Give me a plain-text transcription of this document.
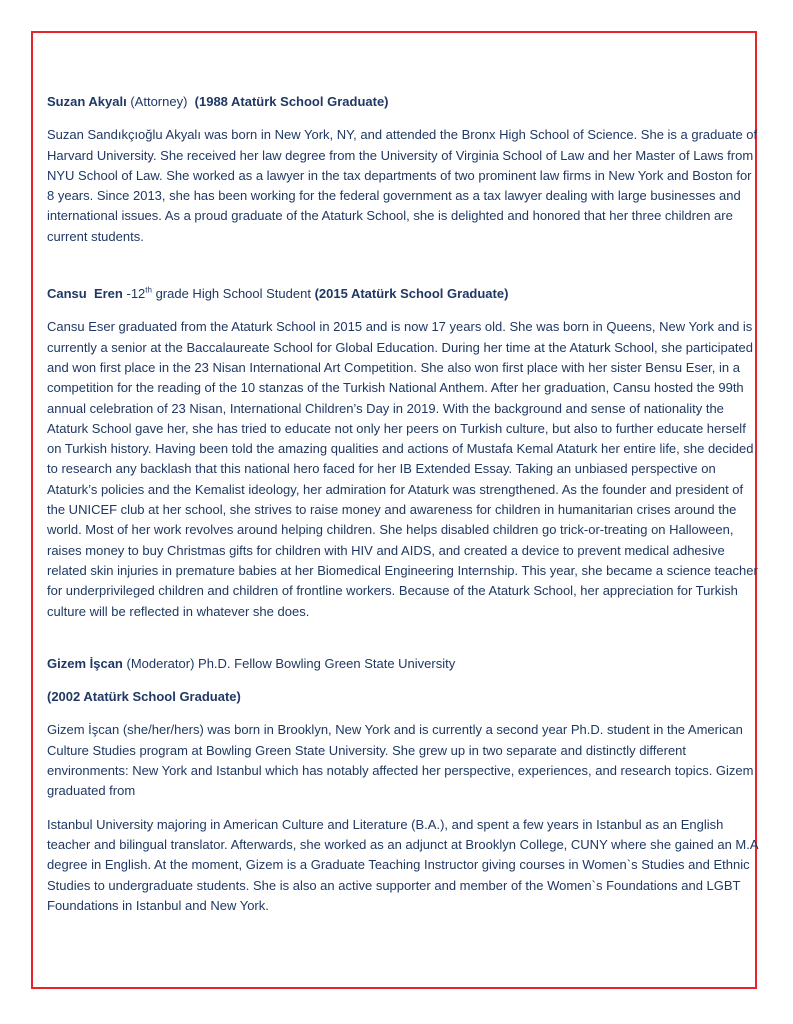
Suzan Akyalı (Attorney) (1988 Atatürk School Graduate)

Suzan Sandıkçıoğlu Akyalı was born in New York, NY, and attended the Bronx High School of Science. She is a graduate of Harvard University. She received her law degree from the University of Virginia School of Law and her Master of Laws from NYU School of Law. She worked as a lawyer in the tax departments of two prominent law firms in New York and Boston for 8 years. Since 2013, she has been working for the federal government as a tax lawyer dealing with large businesses and international issues. As a proud graduate of the Ataturk School, she is delighted and honored that her three children are current students.

Cansu  Eren -12th grade High School Student (2015 Atatürk School Graduate)

Cansu Eser graduated from the Ataturk School in 2015 and is now 17 years old. She was born in Queens, New York and is currently a senior at the Baccalaureate School for Global Education. During her time at the Ataturk School, she participated and won first place in the 23 Nisan International Art Competition. She also won first place with her sister Bensu Eser, in a competition for the reading of the 10 stanzas of the Turkish National Anthem. After her graduation, Cansu hosted the 99th annual celebration of 23 Nisan, International Children’s Day in 2019. With the background and sense of nationality the Ataturk School gave her, she has tried to educate not only her peers on Turkish culture, but also to further educate herself on Turkish history. Having been told the amazing qualities and actions of Mustafa Kemal Ataturk her entire life, she decided to research any backlash that this national hero faced for her IB Extended Essay. Taking an unbiased perspective on Ataturk’s policies and the Kemalist ideology, her admiration for Ataturk was strengthened. As the founder and president of the UNICEF club at her school, she strives to raise money and awareness for children in humanitarian crises around the world. Most of her work revolves around helping children. She helps disabled children go trick-or-treating on Halloween, raises money to buy Christmas gifts for children with HIV and AIDS, and created a device to prevent medical adhesive related skin injuries in premature babies at her Biomedical Engineering Internship. This year, she became a science teacher for underprivileged children and children of frontline workers. Because of the Ataturk School, her appreciation for Turkish culture will be reflected in whatever she does.

Gizem İşcan (Moderator) Ph.D. Fellow Bowling Green State University

(2002 Atatürk School Graduate)

Gizem İşcan (she/her/hers) was born in Brooklyn, New York and is currently a second year Ph.D. student in the American Culture Studies program at Bowling Green State University. She grew up in two separate and distinctly different environments: New York and Istanbul which has notably affected her perspective, experiences, and research topics. Gizem graduated from

Istanbul University majoring in American Culture and Literature (B.A.), and spent a few years in Istanbul as an English teacher and bilingual translator. Afterwards, she worked as an adjunct at Brooklyn College, CUNY where she gained an M.A degree in English. At the moment, Gizem is a Graduate Teaching Instructor giving courses in Women`s Studies and Ethnic Studies to undergraduate students. She is also an active supporter and member of the Women`s Foundations and LGBT Foundations in Istanbul and New York.
